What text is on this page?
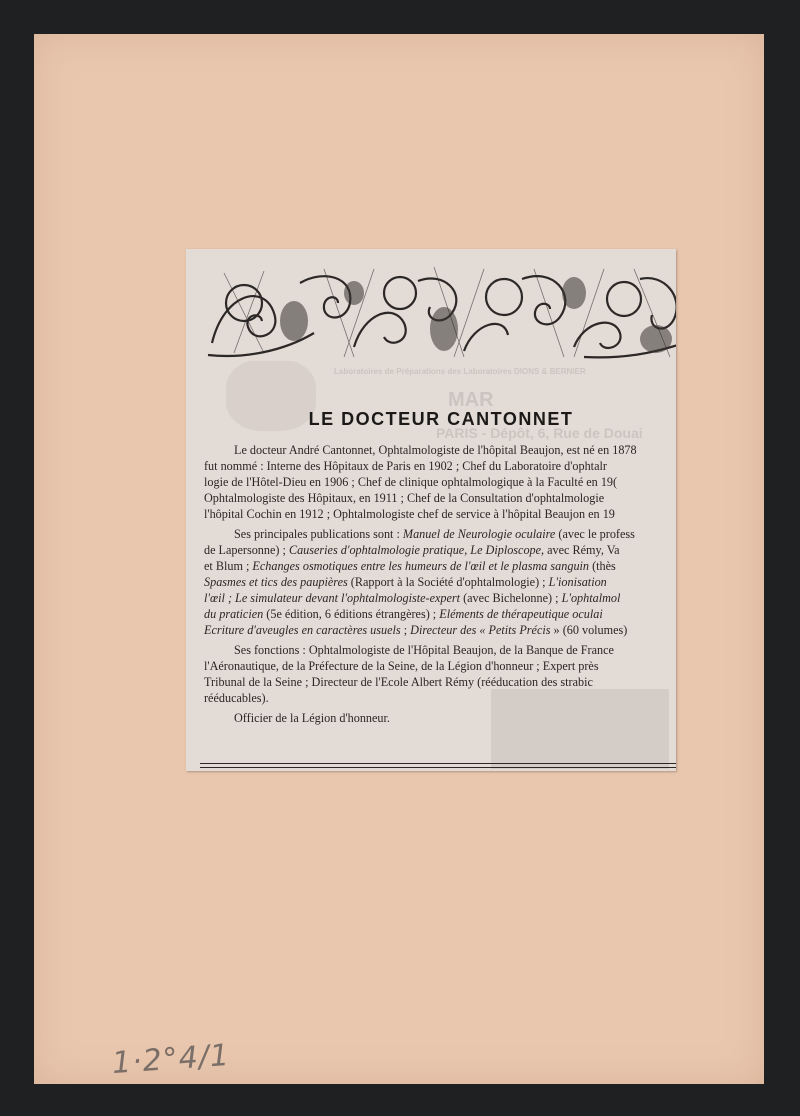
Laboratoires de Préparations des Laboratoires DIONS & BERNIER
MAR
PARIS - Dépôt, 6, Rue de Douai
LE DOCTEUR CANTONNET
Le docteur André Cantonnet, Ophtalmologiste de l'hôpital Beaujon, est né en 1878
fut nommé : Interne des Hôpitaux de Paris en 1902 ; Chef du Laboratoire d'ophtalr
logie de l'Hôtel-Dieu en 1906 ; Chef de clinique ophtalmologique à la Faculté en 19(
Ophtalmologiste des Hôpitaux, en 1911 ; Chef de la Consultation d'ophtalmologie
l'hôpital Cochin en 1912 ; Ophtalmologiste chef de service à l'hôpital Beaujon en 19
Ses principales publications sont : Manuel de Neurologie oculaire (avec le profess
de Lapersonne) ; Causeries d'ophtalmologie pratique, Le Diploscope, avec Rémy, Va
et Blum ; Echanges osmotiques entre les humeurs de l'œil et le plasma sanguin (thès
Spasmes et tics des paupières (Rapport à la Société d'ophtalmologie) ; L'ionisation
l'œil ; Le simulateur devant l'ophtalmologiste-expert (avec Bichelonne) ; L'ophtalmol
du praticien (5e édition, 6 éditions étrangères) ; Eléments de thérapeutique oculai
Ecriture d'aveugles en caractères usuels ; Directeur des « Petits Précis » (60 volumes)
Ses fonctions : Ophtalmologiste de l'Hôpital Beaujon, de la Banque de France
l'Aéronautique, de la Préfecture de la Seine, de la Légion d'honneur ; Expert près
Tribunal de la Seine ; Directeur de l'Ecole Albert Rémy (rééducation des strabic
rééducables).
Officier de la Légion d'honneur.
1·2°4/1
